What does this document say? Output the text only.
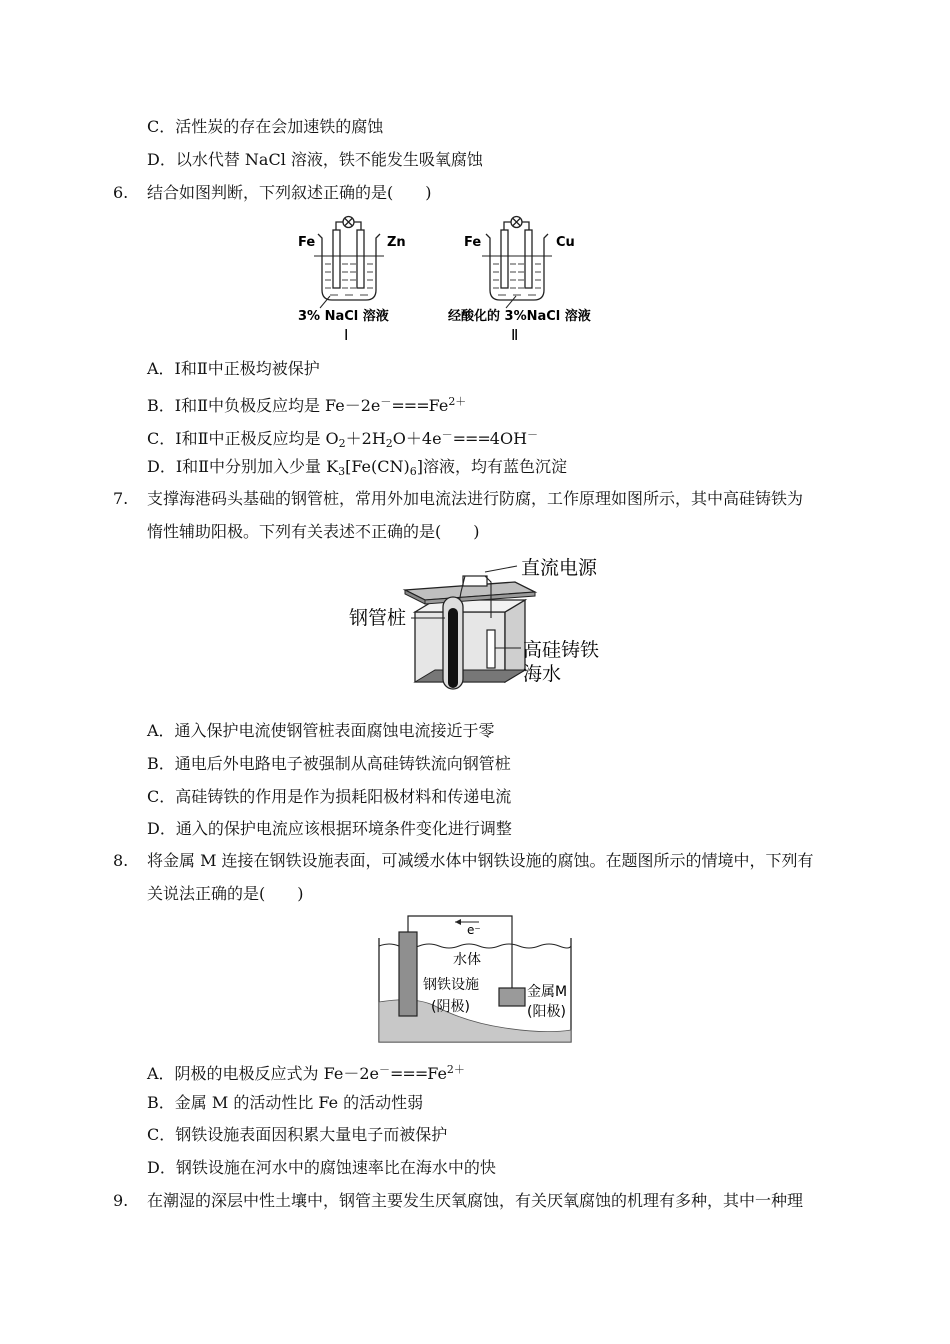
C．活性炭的存在会加速铁的腐蚀
D．以水代替 NaCl 溶液，铁不能发生吸氧腐蚀
6. 结合如图判断，下列叙述正确的是(　　)
Fe	Zn
3% NaCl 溶液
Ⅰ
Fe	Cu
经酸化的 3%NaCl 溶液
Ⅱ
A．Ⅰ和Ⅱ中正极均被保护
B．Ⅰ和Ⅱ中负极反应均是 $Fe-2e^-===Fe^{2+}$
C．Ⅰ和Ⅱ中正极反应均是 $O_2+2H_2O+4e^-===4OH^-$
D．Ⅰ和Ⅱ中分别加入少量 $K_3[Fe(CN)_6]$溶液，均有蓝色沉淀
7. 支撑海港码头基础的钢管桩，常用外加电流法进行防腐，工作原理如图所示，其中高硅铸铁为
惰性辅助阳极。下列有关表述不正确的是(　　)
直流电源
钢管桩
高硅铸铁
海水
A．通入保护电流使钢管桩表面腐蚀电流接近于零
B．通电后外电路电子被强制从高硅铸铁流向钢管桩
C．高硅铸铁的作用是作为损耗阳极材料和传递电流
D．通入的保护电流应该根据环境条件变化进行调整
8. 将金属 M 连接在钢铁设施表面，可减缓水体中钢铁设施的腐蚀。在题图所示的情境中，下列有
关说法正确的是(　　)
e⁻
水体
钢铁设施
(阴极)
金属M
(阳极)
A．阴极的电极反应式为 $Fe-2e^-===Fe^{2+}$
B．金属 M 的活动性比 Fe 的活动性弱
C．钢铁设施表面因积累大量电子而被保护
D．钢铁设施在河水中的腐蚀速率比在海水中的快
9. 在潮湿的深层中性土壤中，钢管主要发生厌氧腐蚀，有关厌氧腐蚀的机理有多种，其中一种理
